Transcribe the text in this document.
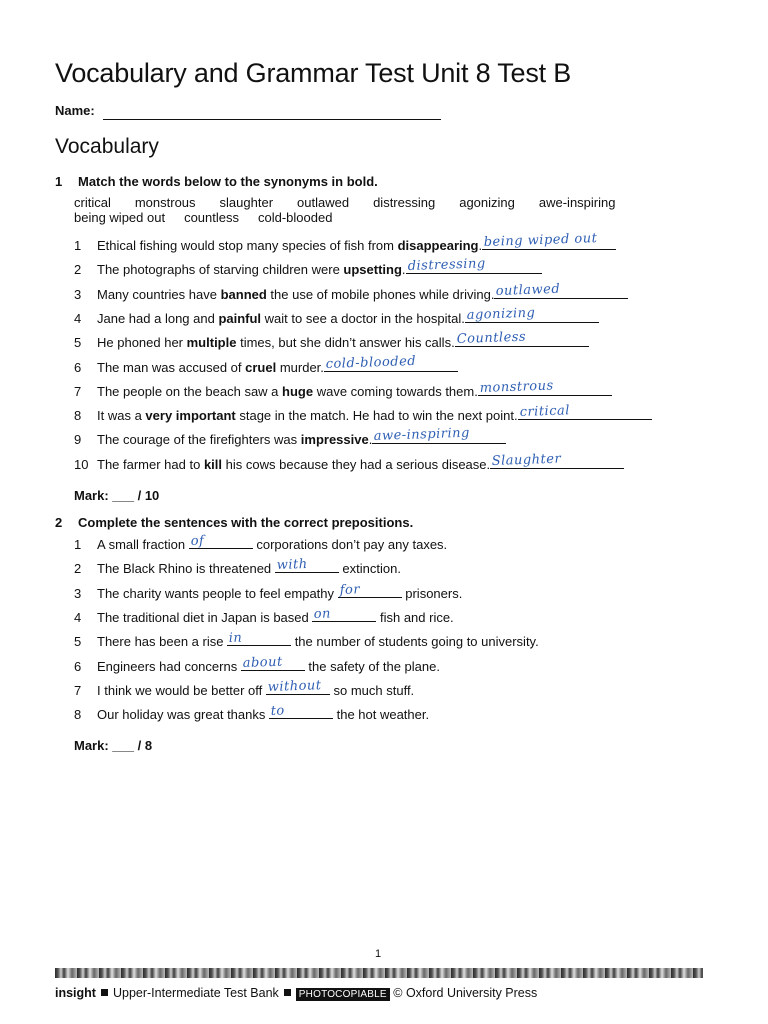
Vocabulary and Grammar Test Unit 8 Test B
Name:
Vocabulary
1 Match the words below to the synonyms in bold.
critical monstrous slaughter outlawed distressing agonizing awe-inspiring
being wiped out countless cold-blooded
1 Ethical fishing would stop many species of fish from disappearing. being wiped out
2 The photographs of starving children were upsetting. distressing
3 Many countries have banned the use of mobile phones while driving. outlawed
4 Jane had a long and painful wait to see a doctor in the hospital. agonizing
5 He phoned her multiple times, but she didn’t answer his calls. Countless
6 The man was accused of cruel murder. cold-blooded
7 The people on the beach saw a huge wave coming towards them. monstrous
8 It was a very important stage in the match. He had to win the next point. critical
9 The courage of the firefighters was impressive. awe-inspiring
10 The farmer had to kill his cows because they had a serious disease. Slaughter
Mark: ___ / 10
2 Complete the sentences with the correct prepositions.
1 A small fraction of	corporations don’t pay any taxes.
2 The Black Rhino is threatened with extinction.
3 The charity wants people to feel empathy for	prisoners.
4 The traditional diet in Japan is based on	fish and rice.
5 There has been a rise in	the number of students going to university.
6 Engineers had concerns about the safety of the plane.
7 I think we would be better off without so much stuff.
8 Our holiday was great thanks to	the hot weather.
Mark: ___ / 8
1
insight Upper-Intermediate Test Bank PHOTOCOPIABLE © Oxford University Press
